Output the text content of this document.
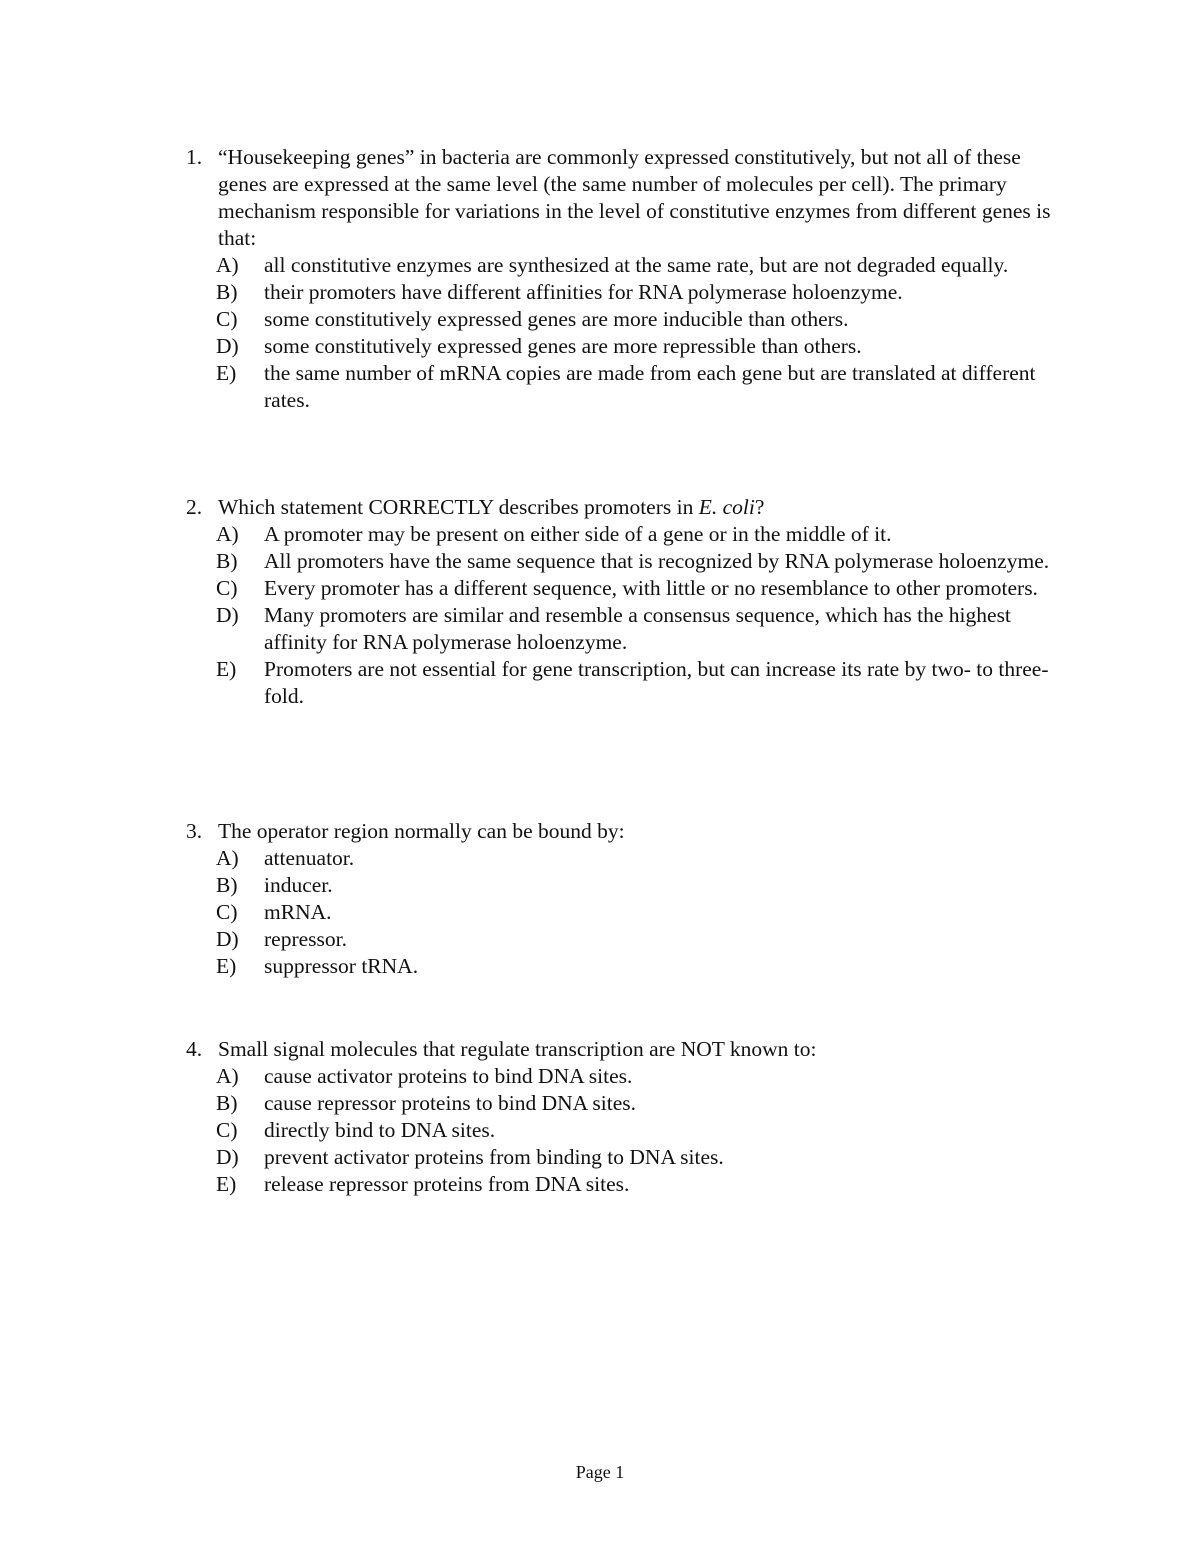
1. “Housekeeping genes” in bacteria are commonly expressed constitutively, but not all of these genes are expressed at the same level (the same number of molecules per cell). The primary mechanism responsible for variations in the level of constitutive enzymes from different genes is that:
A)	all constitutive enzymes are synthesized at the same rate, but are not degraded equally.
B)	their promoters have different affinities for RNA polymerase holoenzyme.
C)	some constitutively expressed genes are more inducible than others.
D)	some constitutively expressed genes are more repressible than others.
E)	the same number of mRNA copies are made from each gene but are translated at different rates.
2. Which statement CORRECTLY describes promoters in E. coli?
A)	A promoter may be present on either side of a gene or in the middle of it.
B)	All promoters have the same sequence that is recognized by RNA polymerase holoenzyme.
C)	Every promoter has a different sequence, with little or no resemblance to other promoters.
D)	Many promoters are similar and resemble a consensus sequence, which has the highest affinity for RNA polymerase holoenzyme.
E)	Promoters are not essential for gene transcription, but can increase its rate by two- to three-fold.
3. The operator region normally can be bound by:
A)	attenuator.
B)	inducer.
C)	mRNA.
D)	repressor.
E)	suppressor tRNA.
4. Small signal molecules that regulate transcription are NOT known to:
A)	cause activator proteins to bind DNA sites.
B)	cause repressor proteins to bind DNA sites.
C)	directly bind to DNA sites.
D)	prevent activator proteins from binding to DNA sites.
E)	release repressor proteins from DNA sites.
Page 1
